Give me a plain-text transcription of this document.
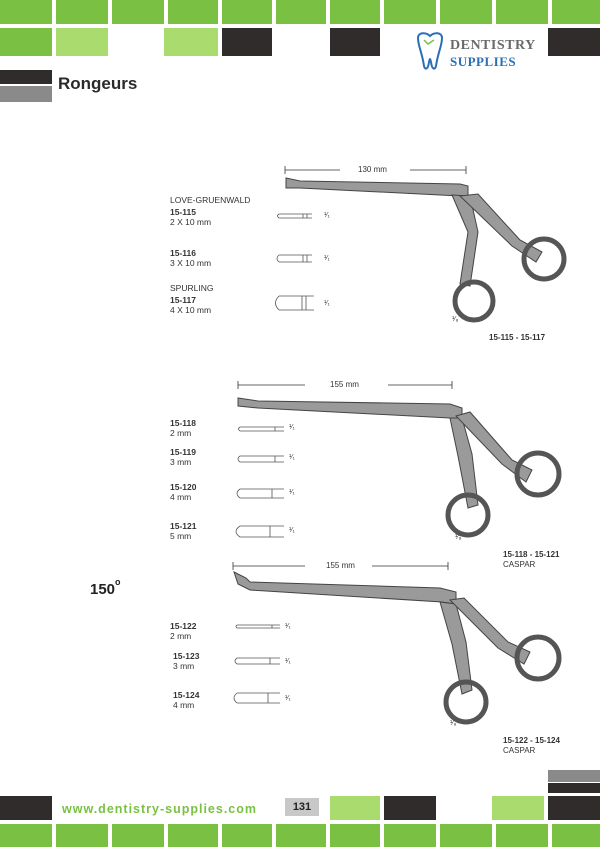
DENTISTRY
SUPPLIES
Rongeurs
130 mm
LOVE-GRUENWALD
15-115
2 X 10 mm
15-116
3 X 10 mm
SPURLING
15-117
4 X 10 mm
¹⁄₁
¹⁄₁
¹⁄₁
¹⁄₈
15-115 - 15-117
155 mm
15-118
2 mm
15-119
3 mm
15-120
4 mm
15-121
5 mm
¹⁄₁
¹⁄₁
¹⁄₁
¹⁄₁
¹⁄₈
15-118 - 15-121
CASPAR
150$^o$
155 mm
15-122
2 mm
15-123
3 mm
15-124
4 mm
¹⁄₁
¹⁄₁
¹⁄₁
¹⁄₈
15-122 - 15-124
CASPAR
www.dentistry-supplies.com	131
